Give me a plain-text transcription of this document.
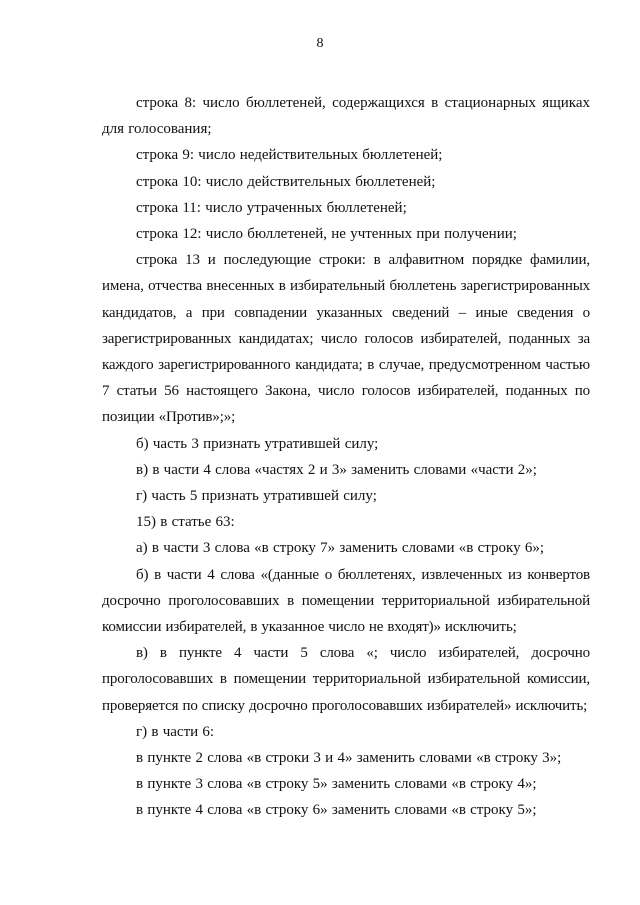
8

строка 8: число бюллетеней, содержащихся в стационарных ящиках для голосования;

строка 9: число недействительных бюллетеней;

строка 10: число действительных бюллетеней;

строка 11: число утраченных бюллетеней;

строка 12: число бюллетеней, не учтенных при получении;

строка 13 и последующие строки: в алфавитном порядке фамилии, имена, отчества внесенных в избирательный бюллетень зарегистрированных кандидатов, а при совпадении указанных сведений – иные сведения о зарегистрированных кандидатах; число голосов избирателей, поданных за каждого зарегистрированного кандидата; в случае, предусмотренном частью 7 статьи 56 настоящего Закона, число голосов избирателей, поданных по позиции «Против»;»;

б) часть 3 признать утратившей силу;

в) в части 4 слова «частях 2 и 3» заменить словами «части 2»;

г) часть 5 признать утратившей силу;

15) в статье 63:

а) в части 3 слова «в строку 7» заменить словами «в строку 6»;

б) в части 4 слова «(данные о бюллетенях, извлеченных из конвертов досрочно проголосовавших в помещении территориальной избирательной комиссии избирателей, в указанное число не входят)» исключить;

в) в пункте 4 части 5 слова «; число избирателей, досрочно проголосовавших в помещении территориальной избирательной комиссии, проверяется по списку досрочно проголосовавших избирателей» исключить;

г) в части 6:

в пункте 2 слова «в строки 3 и 4» заменить словами «в строку 3»;

в пункте 3 слова «в строку 5» заменить словами «в строку 4»;

в пункте 4 слова «в строку 6» заменить словами «в строку 5»;
